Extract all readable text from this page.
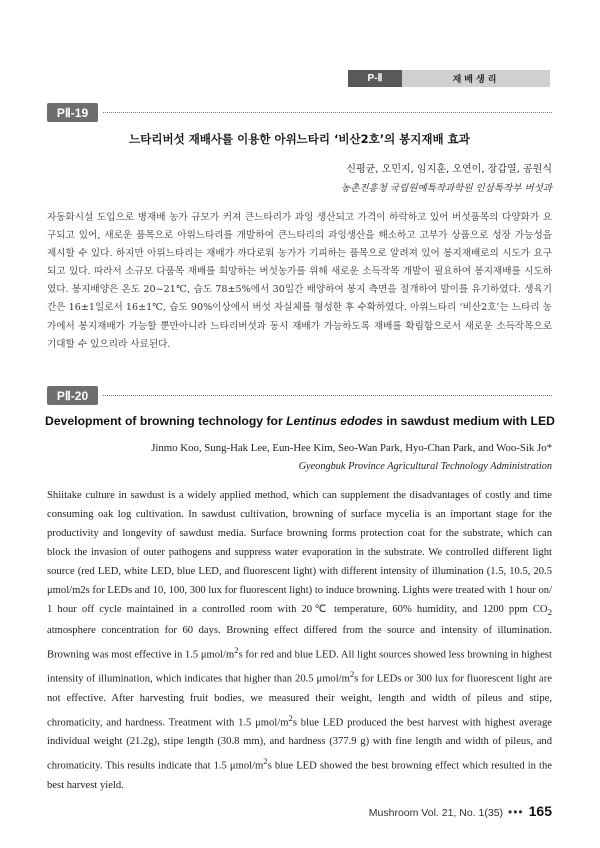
P-Ⅱ	재배생리
PⅡ-19
느타리버섯 재배사를 이용한 아위느타리 ‘비산2호’의 봉지재배 효과
신평균, 오민지, 임지훈, 오연이, 장갑열, 공원식
농촌진흥청 국립원예특작과학원 인삼특작부 버섯과

자동화시설 도입으로 병재배 농가 규모가 커져 큰느타리가 과잉 생산되고 가격이 하락하고 있어 버섯품목의 다양화가 요구되고 있어, 새로운 품목으로 아위느타리를 개발하여 큰느타리의 과잉생산을 해소하고 고부가 상품으로 성장 가능성을 제시할 수 있다. 하지만 아위느타리는 재배가 까다로워 농가가 기피하는 품목으로 알려져 있어 봉지재배로의 시도가 요구되고 있다. 따라서 소규모 다품목 재배를 희망하는 버섯농가를 위해 새로운 소득작목 개발이 필요하여 봉지재배를 시도하였다. 봉지배양은 온도 20~21℃, 습도 78±5%에서 30일간 배양하여 봉지 측면을 절개하여 발이를 유기하였다. 생육기간은 16±1일로서 16±1℃, 습도 90%이상에서 버섯 자실체를 형성한 후 수확하였다. 아위느타리 ‘비산2호’는 느타리 농가에서 봉지재배가 가능할 뿐만아니라 느타리버섯과 동시 재배가 가능하도록 재배를 확립함으로서 새로운 소득작목으로 기대할 수 있으리라 사료된다.

PⅡ-20
Development of browning technology for Lentinus edodes in sawdust medium with LED
Jinmo Koo, Sung-Hak Lee, Eun-Hee Kim, Seo-Wan Park, Hyo-Chan Park, and Woo-Sik Jo*
Gyeongbuk Province Agricultural Technology Administration

Shiitake culture in sawdust is a widely applied method, which can supplement the disadvantages of costly and time consuming oak log cultivation. In sawdust cultivation, browning of surface mycelia is an important stage for the productivity and longevity of sawdust media. Surface browning forms protection coat for the substrate, which can block the invasion of outer pathogens and suppress water evaporation in the substrate. We controlled different light source (red LED, white LED, blue LED, and fluorescent light) with different intensity of illumination (1.5, 10.5, 20.5 μmol/m2s for LEDs and 10, 100, 300 lux for fluorescent light) to induce browning. Lights were treated with 1 hour on/ 1 hour off cycle maintained in a controlled room with 20℃ temperature, 60% humidity, and 1200 ppm $CO_2$ atmosphere concentration for 60 days. Browning effect differed from the source and intensity of illumination. Browning was most effective in 1.5 μmol/$m^2s$ for red and blue LED. All light sources showed less browning in highest intensity of illumination, which indicates that higher than 20.5 μmol/$m^2s$ for LEDs or 300 lux for fluorescent light are not effective. After harvesting fruit bodies, we measured their weight, length and width of pileus and stipe, chromaticity, and hardness. Treatment with 1.5 μmol/$m^2s$ blue LED produced the best harvest with highest average individual weight (21.2g), stipe length (30.8 mm), and hardness (377.9 g) with fine length and width of pileus, and chromaticity. This results indicate that 1.5 μmol/$m^2s$ blue LED showed the best browning effect which resulted in the best harvest yield.

Mushroom Vol. 21, No. 1(35) ••• 165
